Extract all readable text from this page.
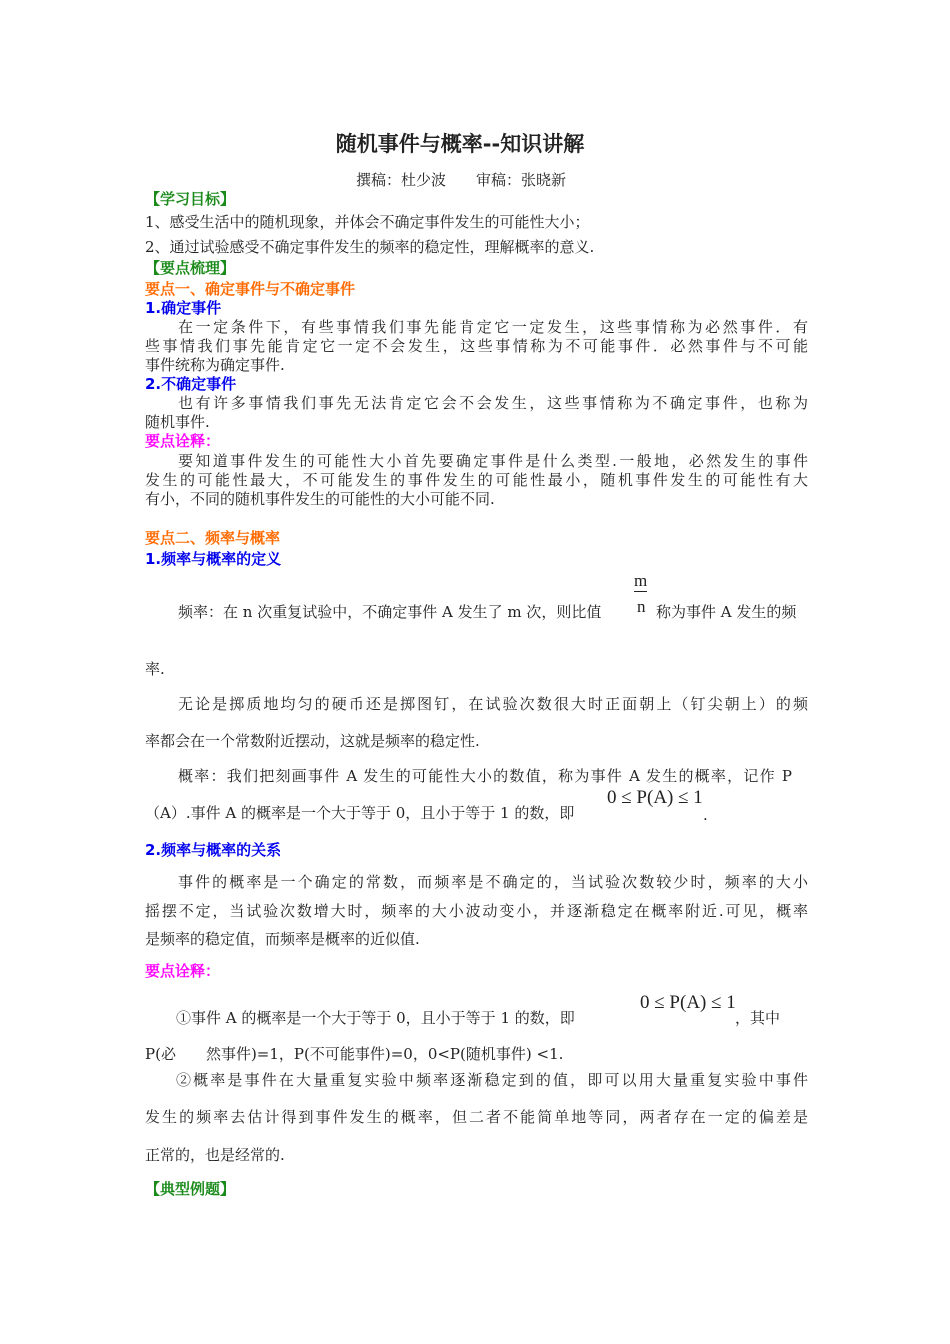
随机事件与概率--知识讲解
撰稿：杜少波　　审稿：张晓新
【学习目标】
1、感受生活中的随机现象，并体会不确定事件发生的可能性大小；
2、通过试验感受不确定事件发生的频率的稳定性，理解概率的意义.
【要点梳理】
要点一、确定事件与不确定事件
1.确定事件
在一定条件下，有些事情我们事先能肯定它一定发生，这些事情称为必然事件．有
些事情我们事先能肯定它一定不会发生，这些事情称为不可能事件．必然事件与不可能
事件统称为确定事件.
2.不确定事件
也有许多事情我们事先无法肯定它会不会发生，这些事情称为不确定事件，也称为
随机事件.
要点诠释：
要知道事件发生的可能性大小首先要确定事件是什么类型.一般地，必然发生的事件
发生的可能性最大，不可能发生的事件发生的可能性最小，随机事件发生的可能性有大
有小，不同的随机事件发生的可能性的大小可能不同.
要点二、频率与概率
1.频率与概率的定义
频率：在 n 次重复试验中，不确定事件 A 发生了 m 次，则比值
m
n 称为事件 A 发生的频
率.
无论是掷质地均匀的硬币还是掷图钉，在试验次数很大时正面朝上（钉尖朝上）的频
率都会在一个常数附近摆动，这就是频率的稳定性.
概率：我们把刻画事件 A 发生的可能性大小的数值，称为事件 A 发生的概率，记作 P
（A）.事件 A 的概率是一个大于等于 0，且小于等于 1 的数，即
0 ≤ P(A) ≤ 1
.
2.频率与概率的关系
事件的概率是一个确定的常数，而频率是不确定的，当试验次数较少时，频率的大小
摇摆不定，当试验次数增大时，频率的大小波动变小，并逐渐稳定在概率附近.可见，概率
是频率的稳定值，而频率是概率的近似值.
要点诠释：
①事件 A 的概率是一个大于等于 0，且小于等于 1 的数，即
0 ≤ P(A) ≤ 1
，其中
P(必　　然事件)=1，P(不可能事件)=0，0<P(随机事件) <1.
②概率是事件在大量重复实验中频率逐渐稳定到的值，即可以用大量重复实验中事件
发生的频率去估计得到事件发生的概率，但二者不能简单地等同，两者存在一定的偏差是
正常的，也是经常的.
【典型例题】
